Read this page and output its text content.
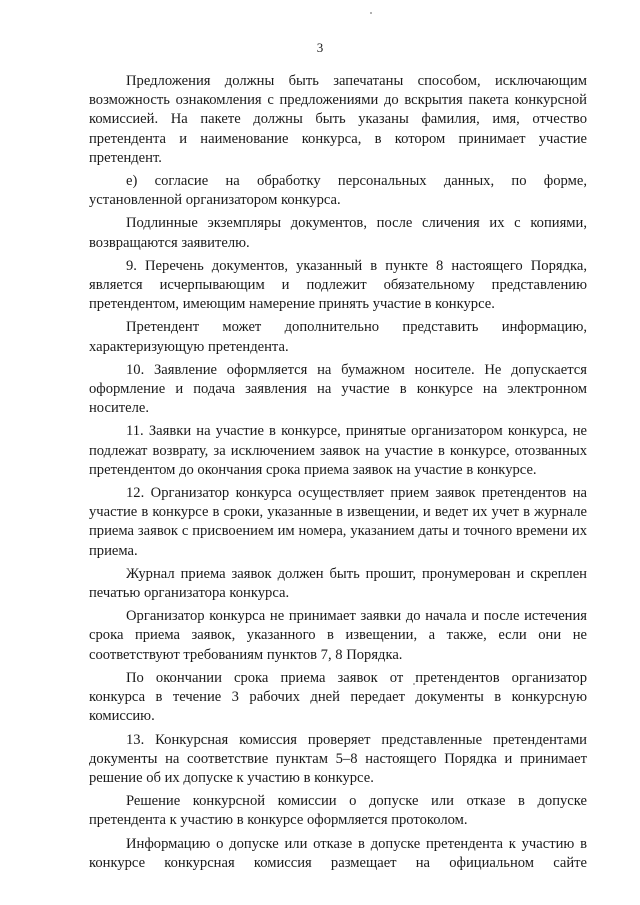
3

Предложения должны быть запечатаны способом, исключающим возможность ознакомления с предложениями до вскрытия пакета конкурсной комиссией. На пакете должны быть указаны фамилия, имя, отчество претендента и наименование конкурса, в котором принимает участие претендент.

е) согласие на обработку персональных данных, по форме, установленной организатором конкурса.

Подлинные экземпляры документов, после сличения их с копиями, возвращаются заявителю.

9. Перечень документов, указанный в пункте 8 настоящего Порядка, является исчерпывающим и подлежит обязательному представлению претендентом, имеющим намерение принять участие в конкурсе.

Претендент может дополнительно представить информацию, характеризующую претендента.

10. Заявление оформляется на бумажном носителе. Не допускается оформление и подача заявления на участие в конкурсе на электронном носителе.

11. Заявки на участие в конкурсе, принятые организатором конкурса, не подлежат возврату, за исключением заявок на участие в конкурсе, отозванных претендентом до окончания срока приема заявок на участие в конкурсе.

12. Организатор конкурса осуществляет прием заявок претендентов на участие в конкурсе в сроки, указанные в извещении, и ведет их учет в журнале приема заявок с присвоением им номера, указанием даты и точного времени их приема.

Журнал приема заявок должен быть прошит, пронумерован и скреплен печатью организатора конкурса.

Организатор конкурса не принимает заявки до начала и после истечения срока приема заявок, указанного в извещении, а также, если они не соответствуют требованиям пунктов 7, 8 Порядка.

По окончании срока приема заявок от претендентов организатор конкурса в течение 3 рабочих дней передает документы в конкурсную комиссию.

13. Конкурсная комиссия проверяет представленные претендентами документы на соответствие пунктам 5–8 настоящего Порядка и принимает решение об их допуске к участию в конкурсе.

Решение конкурсной комиссии о допуске или отказе в допуске претендента к участию в конкурсе оформляется протоколом.

Информацию о допуске или отказе в допуске претендента к участию в конкурсе конкурсная комиссия размещает на официальном сайте
